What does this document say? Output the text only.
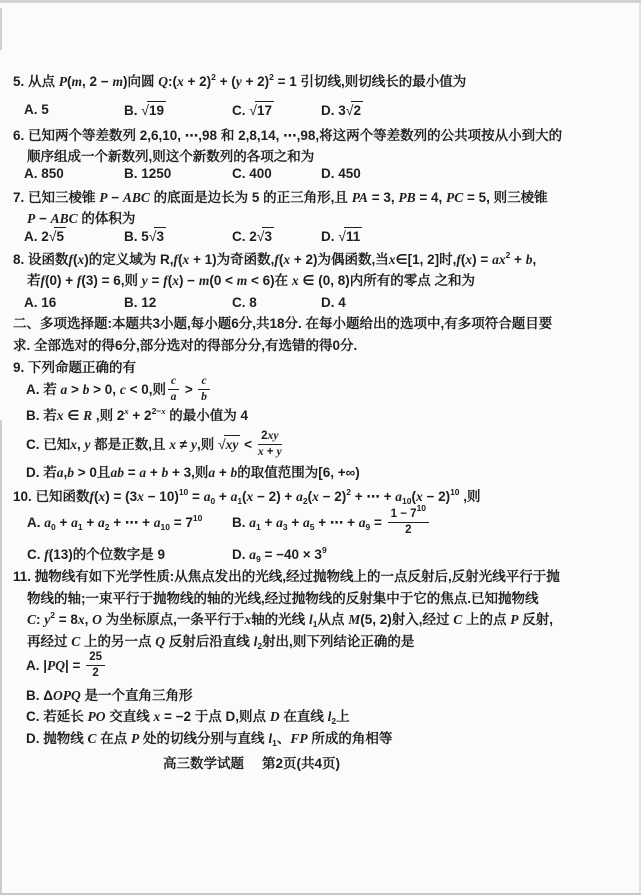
5. 从点 P(m, 2 − m)向圆 Q:(x + $2)^2 + (y + 2)^2 = 1$ 引切线,则切线长的最小值为
A. 5	B. √19	C. √17	D. 3√2
6. 已知两个等差数列 2,6,10, ⋯,98 和 2,8,14, ⋯,98,将这两个等差数列的公共项按从小到大的
顺序组成一个新数列,则这个新数列的各项之和为
A. 850	B. 1250	C. 400	D. 450
7. 已知三棱锥 P − ABC 的底面是边长为 5 的正三角形,且 PA = 3, PB = 4, PC = 5, 则三棱锥
P − ABC 的体积为
A. 2√5	B. 5√3	C. 2√3	D. √11
8. 设函数f(x)的定义域为 R,f(x + 1)为奇函数,f(x + 2)为偶函数,当x∈[1, 2]时$,f(x) = ax^2 + b$,
若f(0) + f(3) = 6,则 y = f(x) − m(0 < m < 6)在 x ∈ (0, 8)内所有的零点 之和为
A. 16	B. 12	C. 8	D. 4
二、多项选择题:本题共3小题,每小题6分,共18分. 在每小题给出的选项中,有多项符合题目要
求. 全部选对的得6分,部分选对的得部分分,有选错的得0分.
9. 下列命题正确的有
A. 若 a > b > 0, c < 0,则 $\frac{c}{a} > \frac{c}{b}$
B. 若x ∈ R ,则 $2^x + 2^{2-x}$ 的最小值为 4
C. 已知x, y 都是正数,且 x ≠ y,则 $√xy < \frac{2xy}{x + y}$
D. 若a,b > 0且ab = a + b + 3,则a + b的取值范围为[6, +∞)
10. 已知函数$f(x) = (3x - 10)^{10} = a_0 + a_1(x - 2) + a_2(x - 2)^2$ + ⋯ + $a_{10}(x - 2)^{10}$ ,则
A. $a_0 + a_1 + a_2$ + ⋯ + $a_{10} = 7^{10}$	B. $a_1 + a_3 + a_5$ + ⋯ + $a_9 = \frac{1 - 7^{10}}{2}$
C. f(13)的个位数字是 9	D. $a_9 = -40 \times 3^9$
11. 抛物线有如下光学性质:从焦点发出的光线,经过抛物线上的一点反射后,反射光线平行于抛
物线的轴;一束平行于抛物线的轴的光线,经过抛物线的反射集中于它的焦点.已知抛物线
C: $y^2 = 8x$, O 为坐标原点,一条平行于x轴的光线 $l_1$从点 M(5, 2)射入,经过 C 上的点 P 反射,
再经过 C 上的另一点 Q 反射后沿直线 $l_2$射出,则下列结论正确的是
A. $|PQ| = \frac{25}{2}$
B. ΔOPQ 是一个直角三角形
C. 若延长 PO 交直线 x = −2 于点 D,则点 D 在直线 $l_2$上
D. 抛物线 C 在点 P 处的切线分别与直线 $l_1$、FP 所成的角相等
高三数学试题 第2页(共4页)
